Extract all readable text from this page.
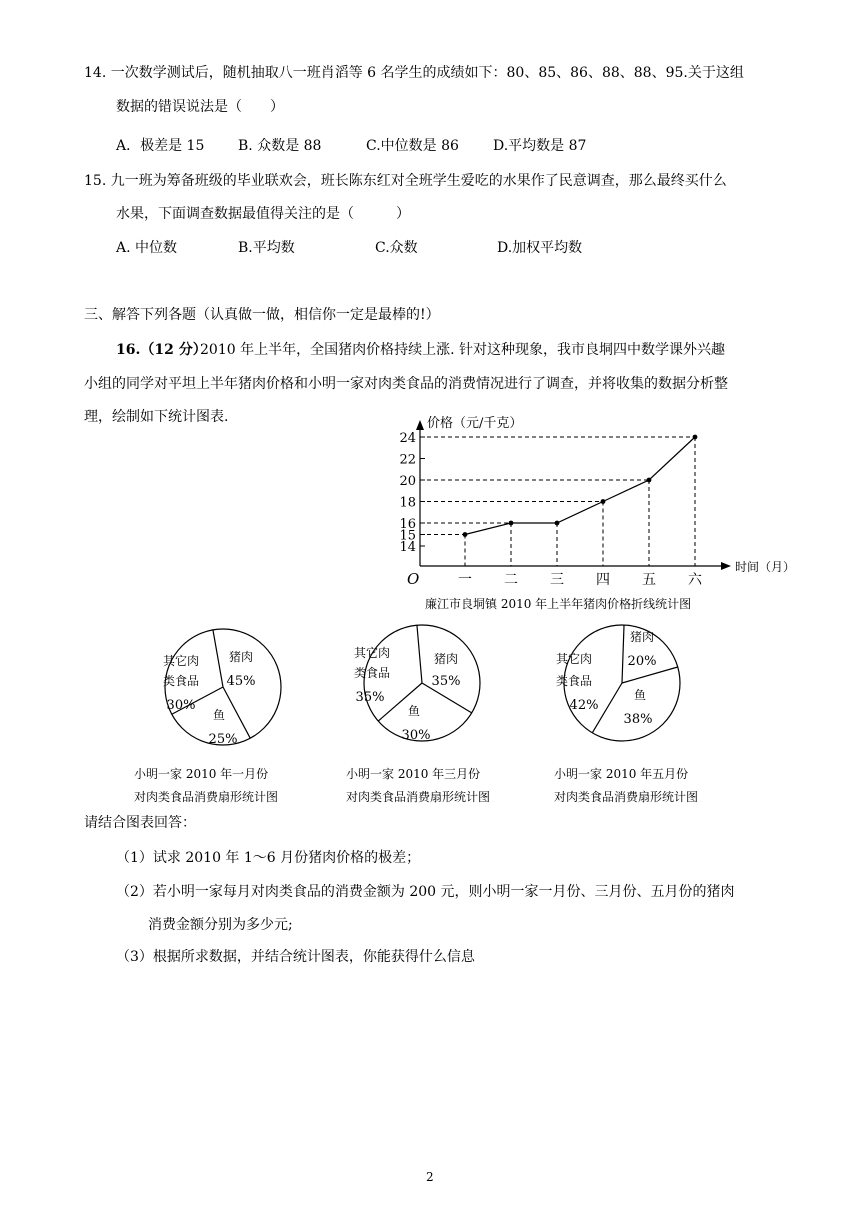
14. 一次数学测试后，随机抽取八一班肖滔等 6 名学生的成绩如下：80、85、86、88、88、95.关于这组
数据的错误说法是（　　）
A．极差是 15 B. 众数是 88	C.中位数是 86 D.平均数是 87
15. 九一班为筹备班级的毕业联欢会，班长陈东红对全班学生爱吃的水果作了民意调查，那么最终买什么
水果，下面调查数据最值得关注的是（　　　）
A. 中位数	B.平均数	C.众数	D.加权平均数
三、解答下列各题（认真做一做，相信你一定是最棒的!）
16.（12 分）
2010 年上半年，全国猪肉价格持续上涨. 针对这种现象，我市良垌四中数学课外兴趣
小组的同学对平坦上半年猪肉价格和小明一家对肉类食品的消费情况进行了调查，并将收集的数据分析整
理，绘制如下统计图表.	价格（元/千克）
时间（月）
O
廉江市良垌镇 2010 年上半年猪肉价格折线统计图
14
15
16
18
20
22
24
一 二 三 四 五 六
猪肉
45%
鱼
25%
其它肉
类食品
30%
猪肉
35%
鱼
30%
其它肉
类食品
35%
猪肉
20%
鱼
38%
其它肉
类食品
42%
小明一家 2010 年一月份
对肉类食品消费扇形统计图
小明一家 2010 年三月份
对肉类食品消费扇形统计图
小明一家 2010 年五月份
对肉类食品消费扇形统计图
请结合图表回答：
（1）试求 2010 年 1～6 月份猪肉价格的极差；
（2）若小明一家每月对肉类食品的消费金额为 200 元，则小明一家一月份、三月份、五月份的猪肉
消费金额分别为多少元;
（3）根据所求数据，并结合统计图表，你能获得什么信息
2
